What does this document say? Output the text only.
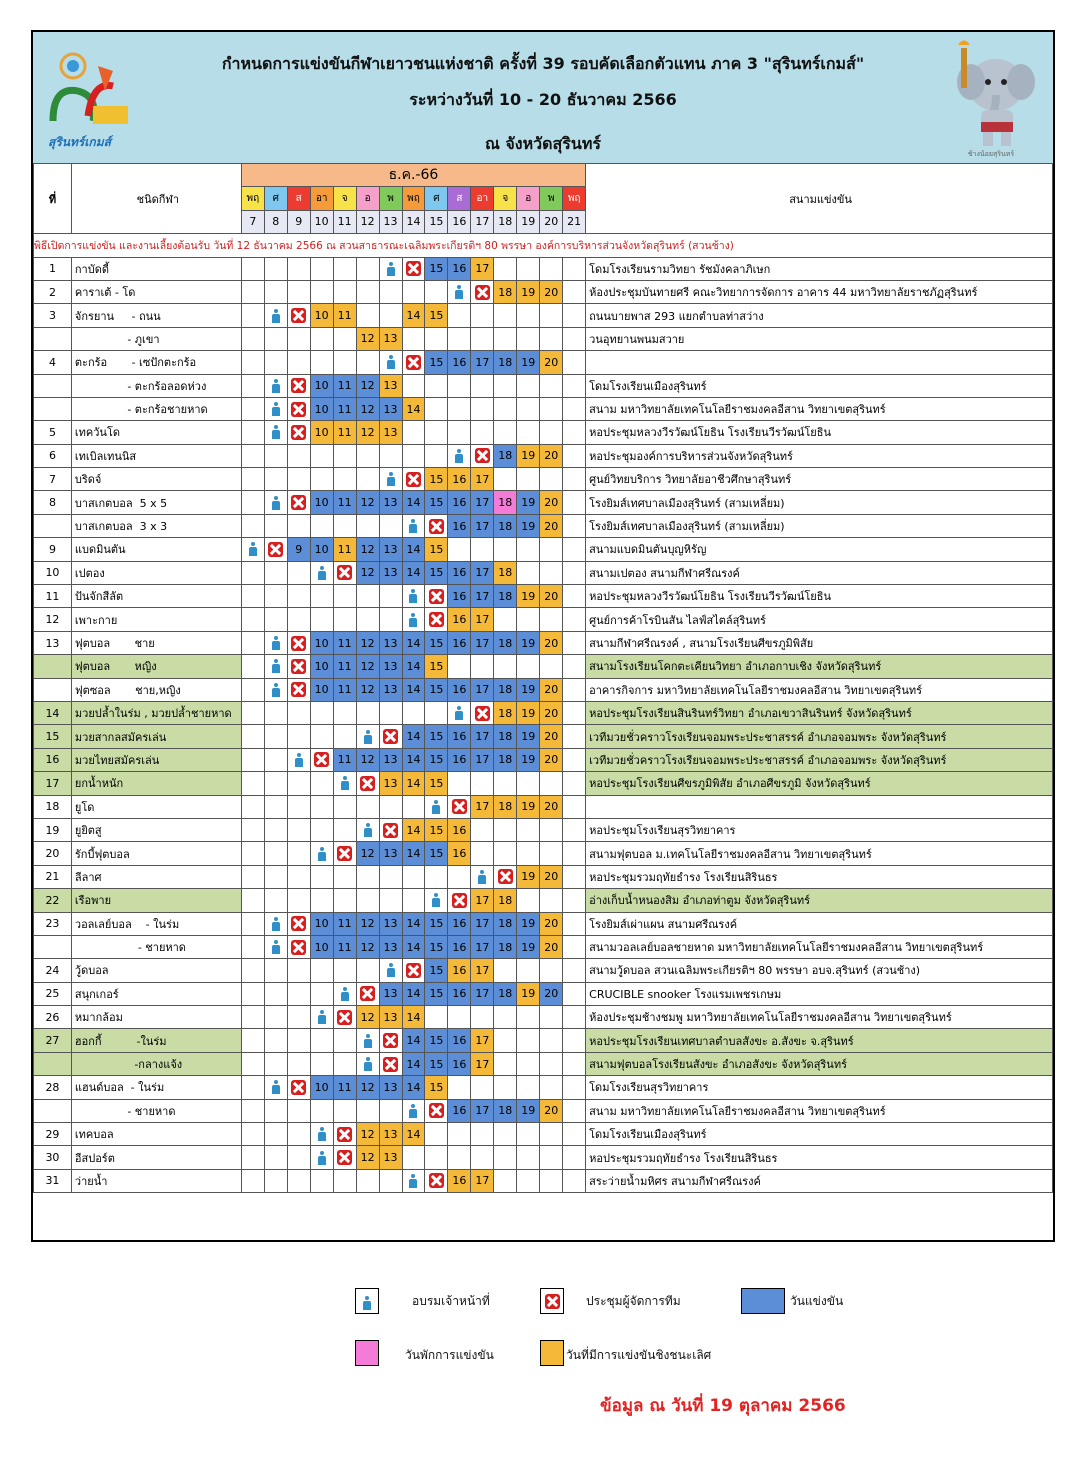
สุรินทร์เกมส์
กำหนดการแข่งขันกีฬาเยาวชนแห่งชาติ ครั้งที่ 39 รอบคัดเลือกตัวแทน ภาค 3 "สุรินทร์เกมส์"
ระหว่างวันที่ 10 - 20 ธันวาคม 2566
ณ จังหวัดสุรินทร์
ช้างน้อยสุรินทร์
ที่	ชนิดกีฬา	ธ.ค.-66															สนามแข่งขัน
		พฤ	ศ	ส	อา	จ	อ	พ	พฤ	ศ	ส	อา	จ	อ	พ	พฤ	
		7	8	9	10	11	12	13	14	15	16	17	18	19	20	21	
พิธีเปิดการแข่งขัน และงานเลี้ยงต้อนรับ วันที่ 12 ธันวาคม 2566 ณ สวนสาธารณะเฉลิมพระเกียรติฯ 80 พรรษา องค์การบริหารส่วนจังหวัดสุรินทร์ (สวนช้าง)																	
1	กาบัดดี้									15	16	17					โดมโรงเรียนรามวิทยา รัชมังคลาภิเษก
2	คาราเต้ - โด												18	19	20		ห้องประชุมบันทายศรี คณะวิทยาการจัดการ อาคาร 44 มหาวิทยาลัยราชภัฏสุรินทร์
3	จักรยาน     - ถนน				10	11			14	15							ถนนบายพาส 293 แยกตำบลท่าสว่าง
	- ภูเขา						12	13									วนอุทยานพนมสวาย
4	ตะกร้อ       - เซปักตะกร้อ									15	16	17	18	19	20		
	- ตะกร้อลอดห่วง				10	11	12	13									โดมโรงเรียนเมืองสุรินทร์
	- ตะกร้อชายหาด				10	11	12	13	14								สนาม มหาวิทยาลัยเทคโนโลยีราชมงคลอีสาน วิทยาเขตสุรินทร์
5	เทควันโด				10	11	12	13									หอประชุมหลวงวีรวัฒน์โยธิน โรงเรียนวีรวัฒน์โยธิน
6	เทเบิลเทนนิส												18	19	20		หอประชุมองค์การบริหารส่วนจังหวัดสุรินทร์
7	บริดจ์									15	16	17					ศูนย์วิทยบริการ วิทยาลัยอาชีวศึกษาสุรินทร์
8	บาสเกตบอล  5 x 5				10	11	12	13	14	15	16	17	18	19	20		โรงยิมส์เทศบาลเมืองสุรินทร์ (สามเหลี่ยม)
	บาสเกตบอล  3 x 3										16	17	18	19	20		โรงยิมส์เทศบาลเมืองสุรินทร์ (สามเหลี่ยม)
9	แบดมินตัน			9	10	11	12	13	14	15							สนามแบดมินตันบุญหิรัญ
10	เปตอง						12	13	14	15	16	17	18				สนามเปตอง สนามกีฬาศรีณรงค์
11	ปันจักสีลัต										16	17	18	19	20		หอประชุมหลวงวีรวัฒน์โยธิน โรงเรียนวีรวัฒน์โยธิน
12	เพาะกาย										16	17					ศูนย์การค้าโรบินสัน ไลฟ์สไตล์สุรินทร์
13	ฟุตบอล       ชาย				10	11	12	13	14	15	16	17	18	19	20		สนามกีฬาศรีณรงค์ , สนามโรงเรียนศีขรภูมิพิสัย
	ฟุตบอล       หญิง				10	11	12	13	14	15							สนามโรงเรียนโคกตะเคียนวิทยา อำเภอกาบเชิง จังหวัดสุรินทร์
	ฟุตซอล       ชาย,หญิง				10	11	12	13	14	15	16	17	18	19	20		อาคารกิจการ มหาวิทยาลัยเทคโนโลยีราชมงคลอีสาน วิทยาเขตสุรินทร์
14	มวยปล้ำในร่ม , มวยปล้ำชายหาด												18	19	20		หอประชุมโรงเรียนสินรินทร์วิทยา อำเภอเขวาสินรินทร์ จังหวัดสุรินทร์
15	มวยสากลสมัครเล่น								14	15	16	17	18	19	20		เวทีมวยชั่วคราวโรงเรียนจอมพระประชาสรรค์ อำเภอจอมพระ จังหวัดสุรินทร์
16	มวยไทยสมัครเล่น					11	12	13	14	15	16	17	18	19	20		เวทีมวยชั่วคราวโรงเรียนจอมพระประชาสรรค์ อำเภอจอมพระ จังหวัดสุรินทร์
17	ยกน้ำหนัก							13	14	15							หอประชุมโรงเรียนศีขรภูมิพิสัย อำเภอศีขรภูมิ จังหวัดสุรินทร์
18	ยูโด											17	18	19	20		
19	ยูยิตสู								14	15	16						หอประชุมโรงเรียนสุรวิทยาคาร
20	รักบี้ฟุตบอล						12	13	14	15	16						สนามฟุตบอล ม.เทคโนโลยีราชมงคลอีสาน วิทยาเขตสุรินทร์
21	ลีลาศ													19	20		หอประชุมรวมฤทัยธำรง โรงเรียนสิรินธร
22	เรือพาย											17	18				อ่างเก็บน้ำหนองสิม อำเภอท่าตูม จังหวัดสุรินทร์
23	วอลเลย์บอล    - ในร่ม				10	11	12	13	14	15	16	17	18	19	20		โรงยิมส์เผ่าแผน สนามศรีณรงค์
	- ชายหาด				10	11	12	13	14	15	16	17	18	19	20		สนามวอลเลย์บอลชายหาด มหาวิทยาลัยเทคโนโลยีราชมงคลอีสาน วิทยาเขตสุรินทร์
24	วู้ดบอล									15	16	17					สนามวู้ดบอล สวนเฉลิมพระเกียรติฯ 80 พรรษา อบจ.สุรินทร์ (สวนช้าง)
25	สนุกเกอร์							13	14	15	16	17	18	19	20		CRUCIBLE snooker โรงแรมเพชรเกษม
26	หมากล้อม						12	13	14								ห้องประชุมช้างชมพู มหาวิทยาลัยเทคโนโลยีราชมงคลอีสาน วิทยาเขตสุรินทร์
27	ฮอกกี้          -ในร่ม								14	15	16	17					หอประชุมโรงเรียนเทศบาลตำบลสังขะ อ.สังขะ จ.สุรินทร์
	-กลางแจ้ง								14	15	16	17					สนามฟุตบอลโรงเรียนสังขะ อำเภอสังขะ จังหวัดสุรินทร์
28	แฮนด์บอล  - ในร่ม				10	11	12	13	14	15							โดมโรงเรียนสุรวิทยาคาร
	- ชายหาด										16	17	18	19	20		สนาม มหาวิทยาลัยเทคโนโลยีราชมงคลอีสาน วิทยาเขตสุรินทร์
29	เทคบอล						12	13	14								โดมโรงเรียนเมืองสุรินทร์
30	อีสปอร์ต						12	13									หอประชุมรวมฤทัยธำรง โรงเรียนสิรินธร
31	ว่ายน้ำ										16	17					สระว่ายน้ำมหิศร สนามกีฬาศรีณรงค์
อบรมเจ้าหน้าที่	ประชุมผู้จัดการทีม	วันแข่งขัน
วันพักการแข่งขัน	วันที่มีการแข่งขันชิงชนะเลิศ
ข้อมูล ณ วันที่ 19 ตุลาคม 2566
